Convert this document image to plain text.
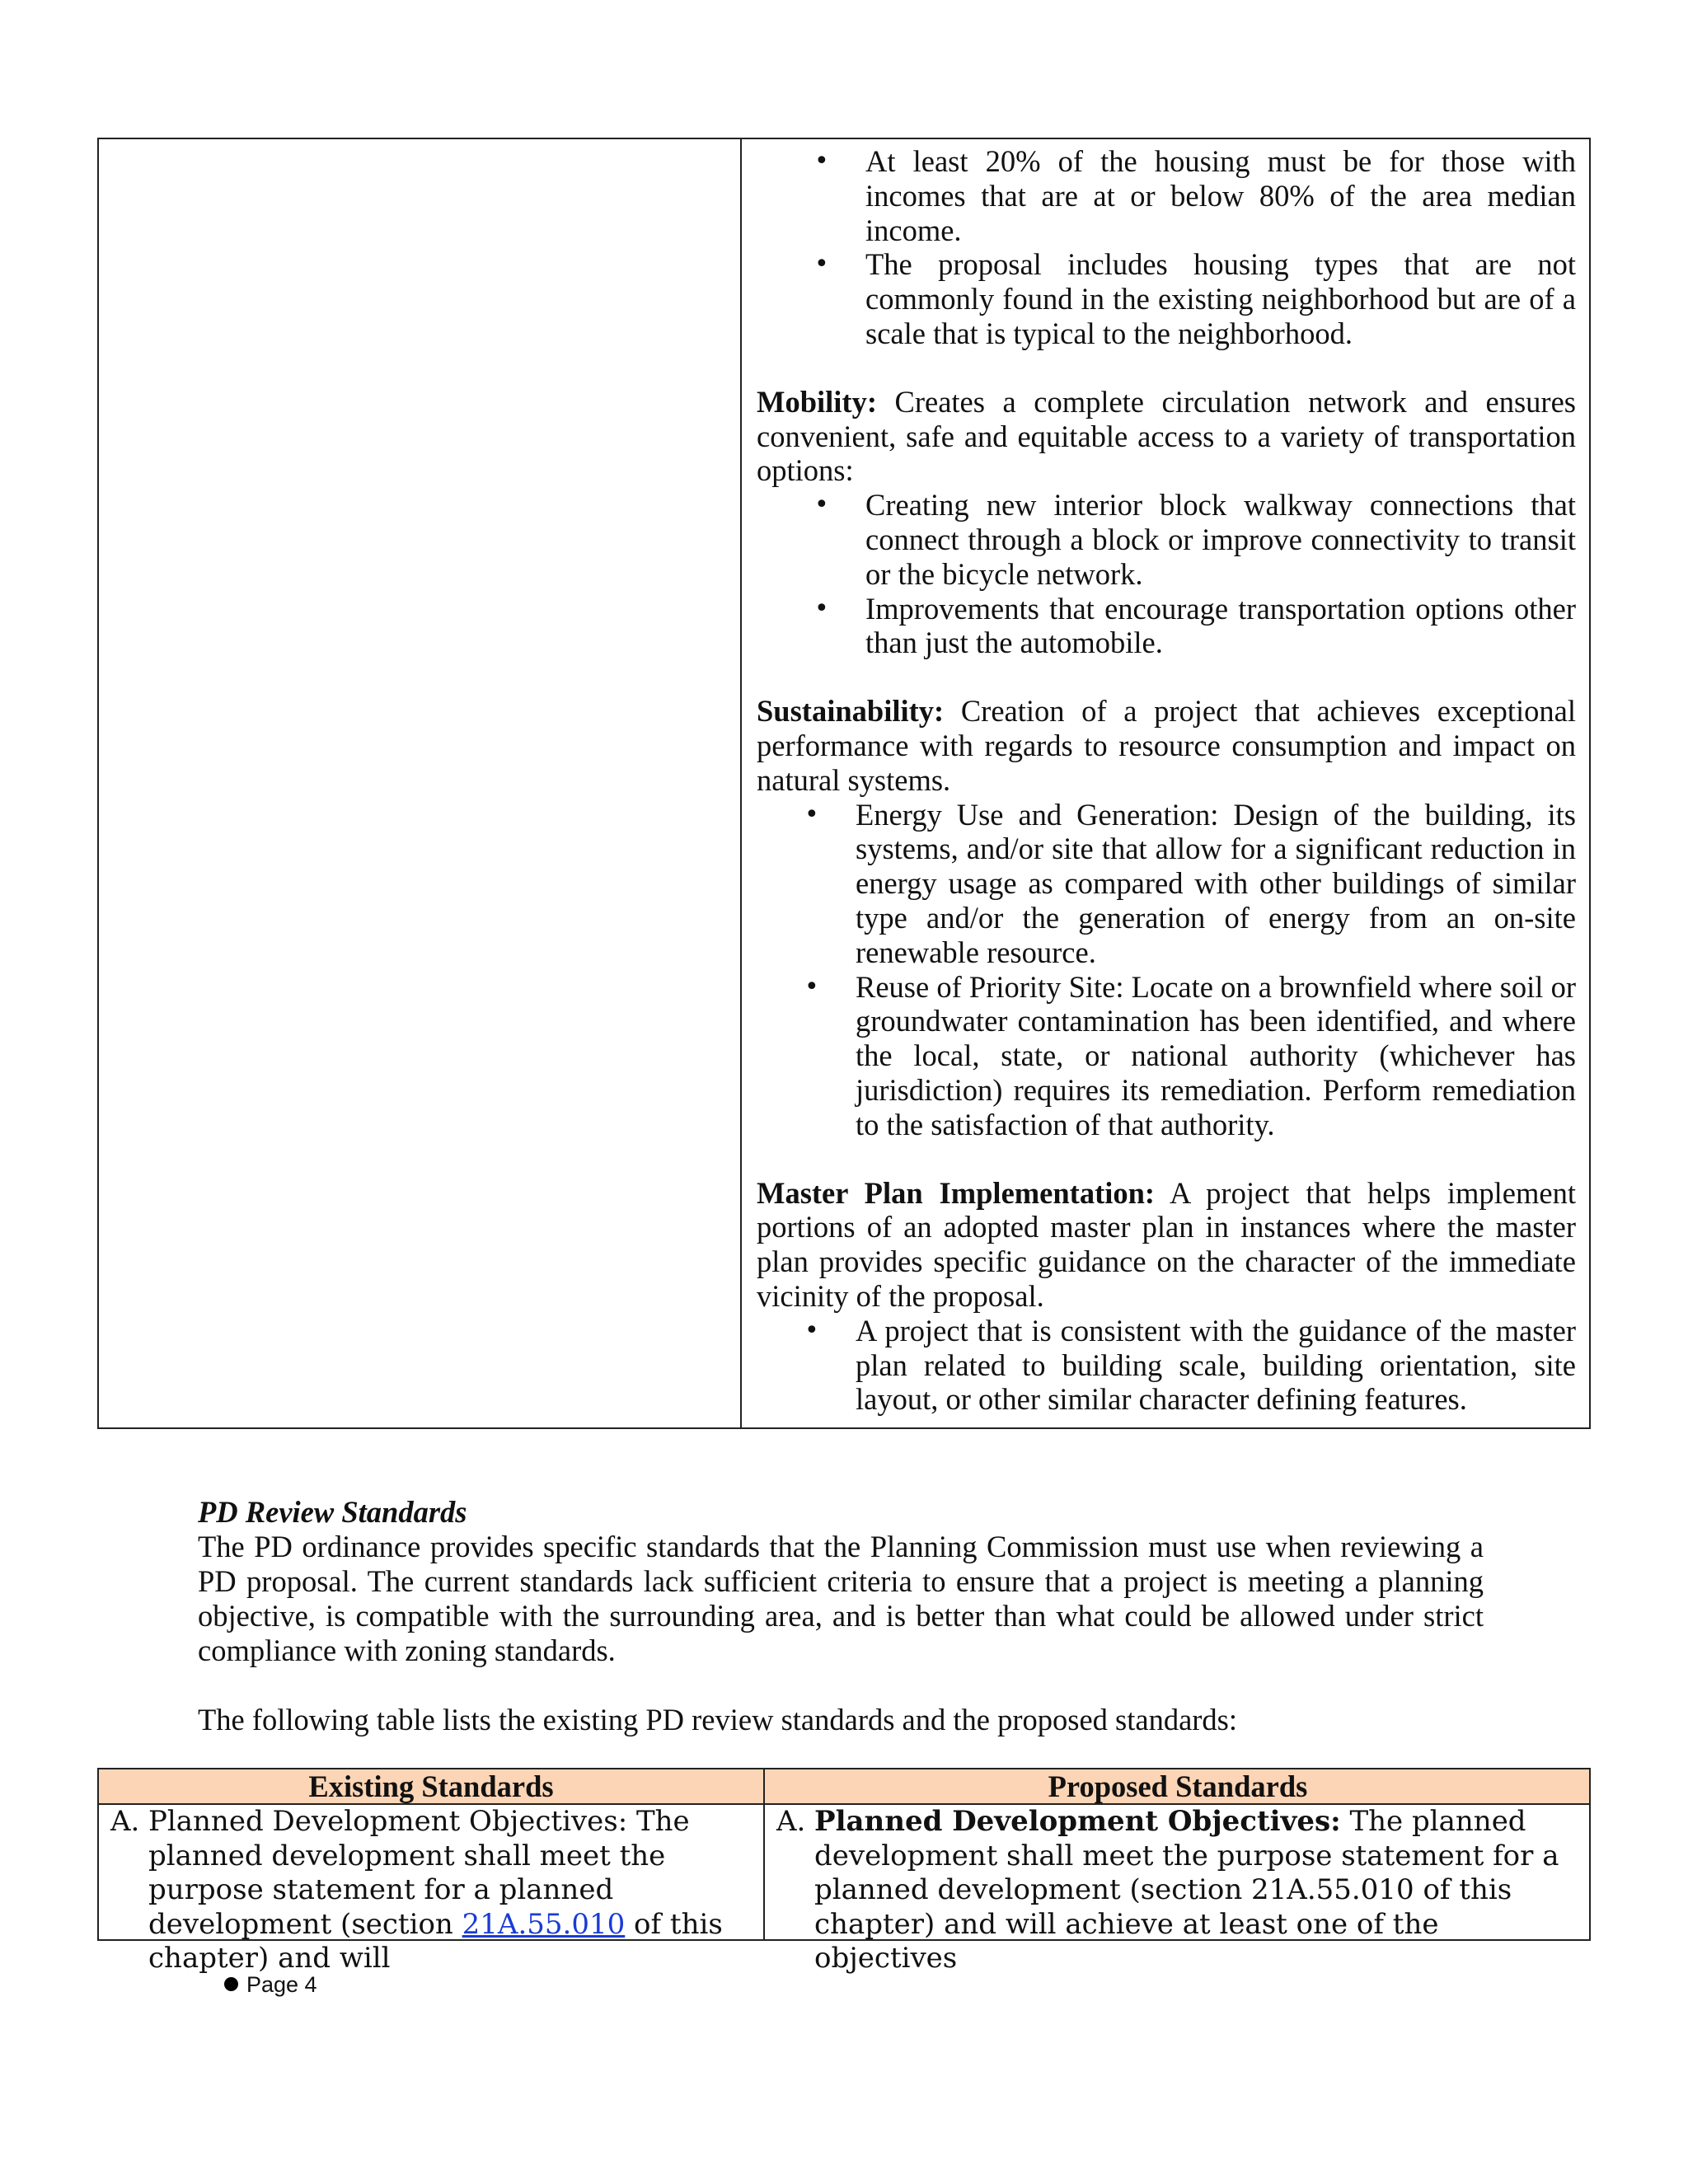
• At least 20% of the housing must be for those with incomes that are at or below 80% of the area median income.
• The proposal includes housing types that are not commonly found in the existing neighborhood but are of a scale that is typical to the neighborhood.

Mobility: Creates a complete circulation network and ensures convenient, safe and equitable access to a variety of transportation options:

• Creating new interior block walkway connections that connect through a block or improve connectivity to transit or the bicycle network.
• Improvements that encourage transportation options other than just the automobile.

Sustainability: Creation of a project that achieves exceptional performance with regards to resource consumption and impact on natural systems.

• Energy Use and Generation: Design of the building, its systems, and/or site that allow for a significant reduction in energy usage as compared with other buildings of similar type and/or the generation of energy from an on-site renewable resource.
• Reuse of Priority Site: Locate on a brownfield where soil or groundwater contamination has been identified, and where the local, state, or national authority (whichever has jurisdiction) requires its remediation. Perform remediation to the satisfaction of that authority.

Master Plan Implementation: A project that helps implement portions of an adopted master plan in instances where the master plan provides specific guidance on the character of the immediate vicinity of the proposal.

• A project that is consistent with the guidance of the master plan related to building scale, building orientation, site layout, or other similar character defining features.

PD Review Standards

The PD ordinance provides specific standards that the Planning Commission must use when reviewing a PD proposal. The current standards lack sufficient criteria to ensure that a project is meeting a planning objective, is compatible with the surrounding area, and is better than what could be allowed under strict compliance with zoning standards.

The following table lists the existing PD review standards and the proposed standards:

Existing Standards	Proposed Standards
A. Planned Development Objectives: The planned development shall meet the purpose statement for a planned development (section 21A.55.010 of this chapter) and will
A. Planned Development Objectives: The planned development shall meet the purpose statement for a planned development (section 21A.55.010 of this chapter) and will achieve at least one of the objectives
Page 4
